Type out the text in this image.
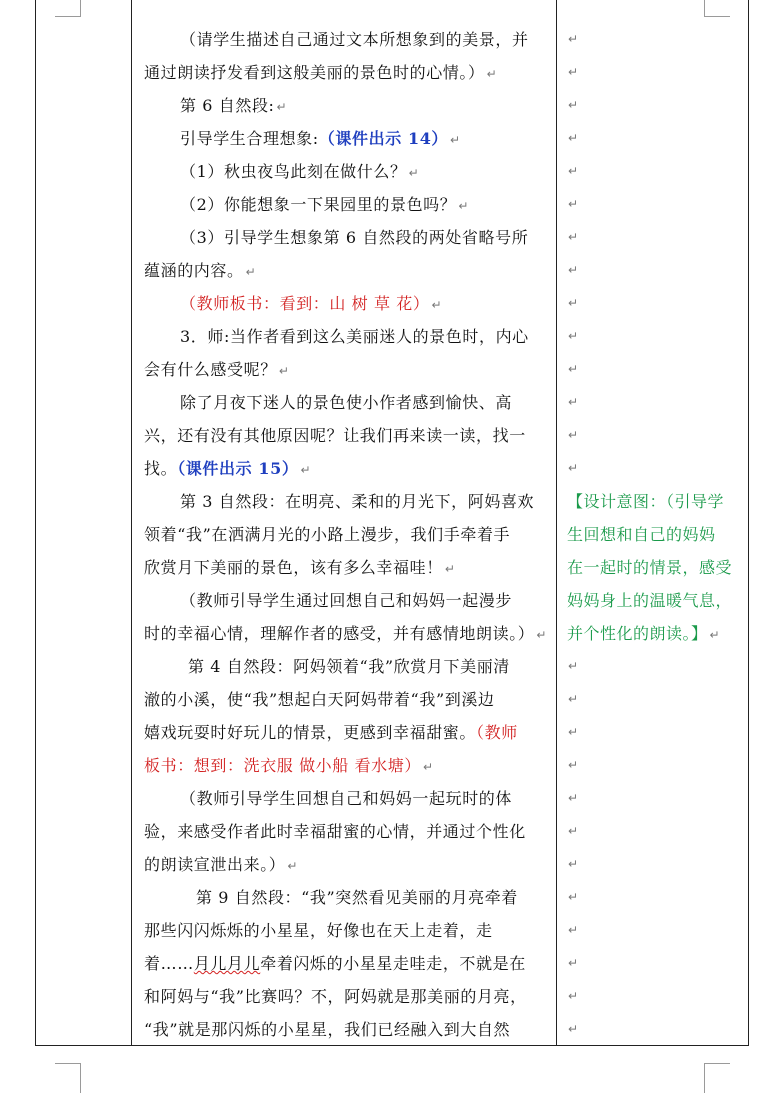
（请学生描述自己通过文本所想象到的美景，并
通过朗读抒发看到这般美丽的景色时的心情。） ↵
第 6 自然段: ↵
引导学生合理想象:（课件出示 14） ↵
（1）秋虫夜鸟此刻在做什么？ ↵
（2）你能想象一下果园里的景色吗？ ↵
（3）引导学生想象第 6 自然段的两处省略号所
蕴涵的内容。 ↵
（教师板书：看到：山 树 草 花） ↵
3．师:当作者看到这么美丽迷人的景色时，内心
会有什么感受呢？ ↵
除了月夜下迷人的景色使小作者感到愉快、高
兴，还有没有其他原因呢？让我们再来读一读，找一
找。（课件出示 15） ↵
第 3 自然段：在明亮、柔和的月光下，阿妈喜欢
领着“我”在洒满月光的小路上漫步，我们手牵着手
欣赏月下美丽的景色，该有多么幸福哇！ ↵
（教师引导学生通过回想自己和妈妈一起漫步
时的幸福心情，理解作者的感受，并有感情地朗读。） ↵
第 4 自然段：阿妈领着“我”欣赏月下美丽清
澈的小溪，使“我”想起白天阿妈带着“我”到溪边
嬉戏玩耍时好玩儿的情景，更感到幸福甜蜜。（教师
板书：想到：洗衣服 做小船 看水塘） ↵
（教师引导学生回想自己和妈妈一起玩时的体
验，来感受作者此时幸福甜蜜的心情，并通过个性化
的朗读宣泄出来。） ↵
第 9 自然段：“我”突然看见美丽的月亮牵着
那些闪闪烁烁的小星星，好像也在天上走着，走
着……月儿月儿牵着闪烁的小星星走哇走，不就是在
和阿妈与“我”比赛吗？不，阿妈就是那美丽的月亮，
“我”就是那闪烁的小星星，我们已经融入到大自然
↵
↵
↵
↵
↵
↵
↵
↵
↵
↵
↵
↵
↵
↵
↵
↵
↵
↵
↵
↵
↵
↵
↵
↵
↵
↵
【设计意图：（引导学
生回想和自己的妈妈
在一起时的情景，感受
妈妈身上的温暖气息，
并个性化的朗读。】 ↵
